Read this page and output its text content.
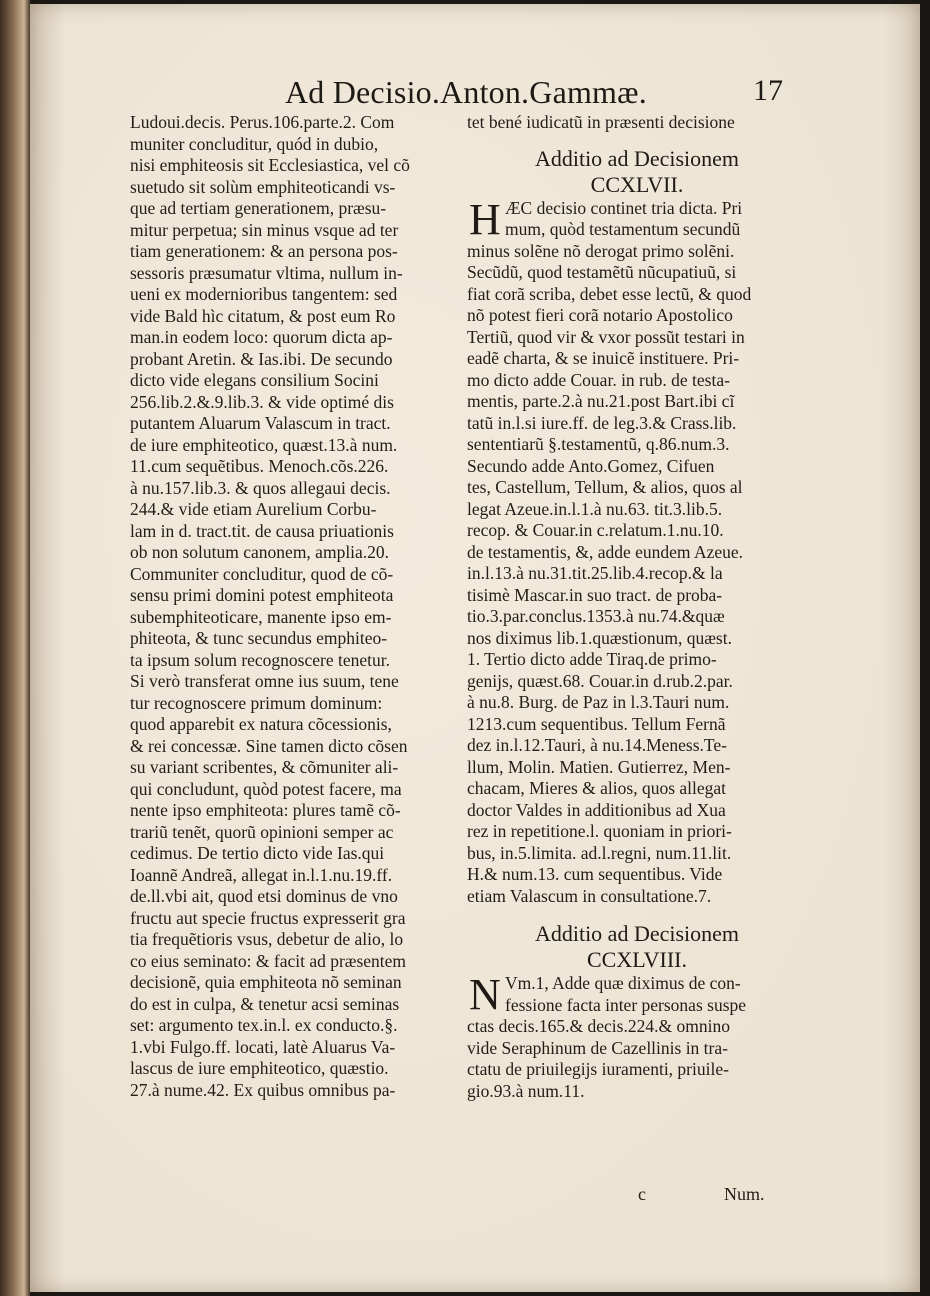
Ad Decisio.Anton.Gammæ.	17
Ludoui.decis. Perus.106.parte.2. Com
muniter concluditur, quód in dubio,
nisi emphiteosis sit Ecclesiastica, vel cõ
suetudo sit solùm emphiteoticandi vs-
que ad tertiam generationem, præsu-
mitur perpetua; sin minus vsque ad ter
tiam generationem: & an persona pos-
sessoris præsumatur vltima, nullum in-
ueni ex modernioribus tangentem: sed
vide Bald hìc citatum, & post eum Ro
man.in eodem loco: quorum dicta ap-
probant Aretin. & Ias.ibi. De secundo
dicto vide elegans consilium Socini
256.lib.2.&.9.lib.3. & vide optimé dis
putantem Aluarum Valascum in tract.
de iure emphiteotico, quæst.13.à num.
11.cum sequẽtibus. Menoch.cõs.226.
à nu.157.lib.3. & quos allegaui decis.
244.& vide etiam Aurelium Corbu-
lam in d. tract.tit. de causa priuationis
ob non solutum canonem, amplia.20.
Communiter concluditur, quod de cõ-
sensu primi domini potest emphiteota
subemphiteoticare, manente ipso em-
phiteota, & tunc secundus emphiteo-
ta ipsum solum recognoscere tenetur.
Si verò transferat omne ius suum, tene
tur recognoscere primum dominum:
quod apparebit ex natura cõcessionis,
& rei concessæ. Sine tamen dicto cõsen
su variant scribentes, & cõmuniter ali-
qui concludunt, quòd potest facere, ma
nente ipso emphiteota: plures tamẽ cõ-
trariũ tenẽt, quorũ opinioni semper ac
cedimus. De tertio dicto vide Ias.qui
Ioannẽ Andreã, allegat in.l.1.nu.19.ff.
de.ll.vbi ait, quod etsi dominus de vno
fructu aut specie fructus expresserit gra
tia frequẽtioris vsus, debetur de alio, lo
co eius seminato: & facit ad præsentem
decisionẽ, quia emphiteota nõ seminan
do est in culpa, & tenetur acsi seminas
set: argumento tex.in.l. ex conducto.§.
1.vbi Fulgo.ff. locati, latè Aluarus Va-
lascus de iure emphiteotico, quæstio.
27.à nume.42. Ex quibus omnibus pa-
tet bené iudicatũ in præsenti decisione
Additio ad Decisionem
CCXLVII.
H ÆC decisio continet tria dicta. Pri
mum, quòd testamentum secundũ
minus solẽne nõ derogat primo solẽni.
Secũdũ, quod testamẽtũ nũcupatiuũ, si
fiat corã scriba, debet esse lectũ, & quod
nõ potest fieri corã notario Apostolico
Tertiũ, quod vir & vxor possũt testari in
eadẽ charta, & se inuicẽ instituere. Pri-
mo dicto adde Couar. in rub. de testa-
mentis, parte.2.à nu.21.post Bart.ibi cĩ
tatũ in.l.si iure.ff. de leg.3.& Crass.lib.
sententiarũ §.testamentũ, q.86.num.3.
Secundo adde Anto.Gomez, Cifuen
tes, Castellum, Tellum, & alios, quos al
legat Azeue.in.l.1.à nu.63. tit.3.lib.5.
recop. & Couar.in c.relatum.1.nu.10.
de testamentis, &, adde eundem Azeue.
in.l.13.à nu.31.tit.25.lib.4.recop.& la
tisimè Mascar.in suo tract. de proba-
tio.3.par.conclus.1353.à nu.74.&quæ
nos diximus lib.1.quæstionum, quæst.
1. Tertio dicto adde Tiraq.de primo-
genijs, quæst.68. Couar.in d.rub.2.par.
à nu.8. Burg. de Paz in l.3.Tauri num.
1213.cum sequentibus. Tellum Fernã
dez in.l.12.Tauri, à nu.14.Meness.Te-
llum, Molin. Matien. Gutierrez, Men-
chacam, Mieres & alios, quos allegat
doctor Valdes in additionibus ad Xua
rez in repetitione.l. quoniam in priori-
bus, in.5.limita. ad.l.regni, num.11.lit.
H.& num.13. cum sequentibus. Vide
etiam Valascum in consultatione.7.
Additio ad Decisionem
CCXLVIII.
N Vm.1, Adde quæ diximus de con-
fessione facta inter personas suspe
ctas decis.165.& decis.224.& omnino
vide Seraphinum de Cazellinis in tra-
ctatu de priuilegijs iuramenti, priuile-
gio.93.à num.11.
c	Num.
